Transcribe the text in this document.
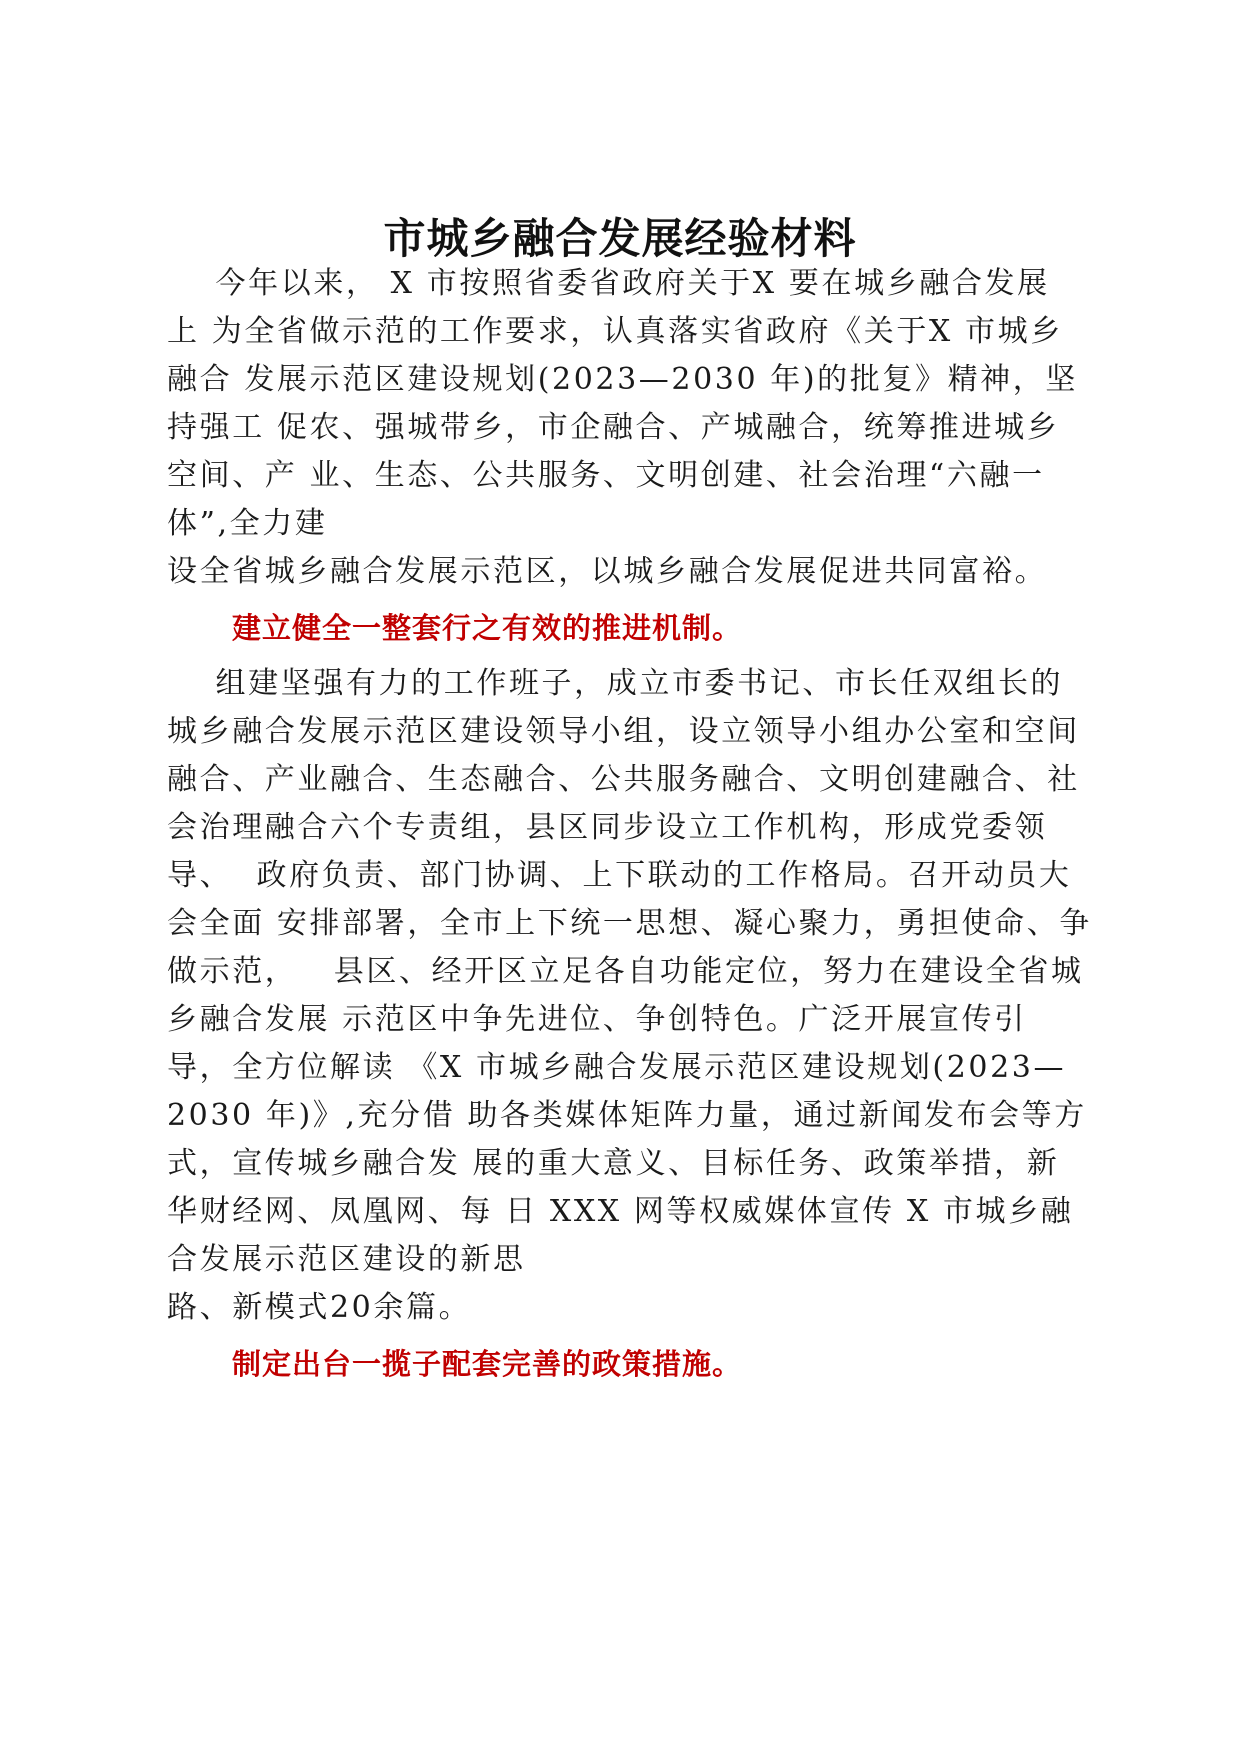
市城乡融合发展经验材料
今年以来， X 市按照省委省政府关于X 要在城乡融合发展
上 为全省做示范的工作要求，认真落实省政府《关于X 市城乡
融合 发展示范区建设规划(2023—2030 年)的批复》精神，坚
持强工 促农、强城带乡，市企融合、产城融合，统筹推进城乡
空间、产 业、生态、公共服务、文明创建、社会治理“六融一
体”,全力建
设全省城乡融合发展示范区，以城乡融合发展促进共同富裕。
建立健全一整套行之有效的推进机制。
组建坚强有力的工作班子，成立市委书记、市长任双组长的
城乡融合发展示范区建设领导小组，设立领导小组办公室和空间
融合、产业融合、生态融合、公共服务融合、文明创建融合、社
会治理融合六个专责组，县区同步设立工作机构，形成党委领
导、  政府负责、部门协调、上下联动的工作格局。召开动员大
会全面 安排部署，全市上下统一思想、凝心聚力，勇担使命、争
做示范，   县区、经开区立足各自功能定位，努力在建设全省城
乡融合发展 示范区中争先进位、争创特色。广泛开展宣传引
导，全方位解读 《X 市城乡融合发展示范区建设规划(2023—
2030 年)》,充分借 助各类媒体矩阵力量，通过新闻发布会等方
式，宣传城乡融合发 展的重大意义、目标任务、政策举措，新
华财经网、凤凰网、每 日 XXX 网等权威媒体宣传 X 市城乡融
合发展示范区建设的新思
路、新模式20余篇。
制定出台一揽子配套完善的政策措施。
